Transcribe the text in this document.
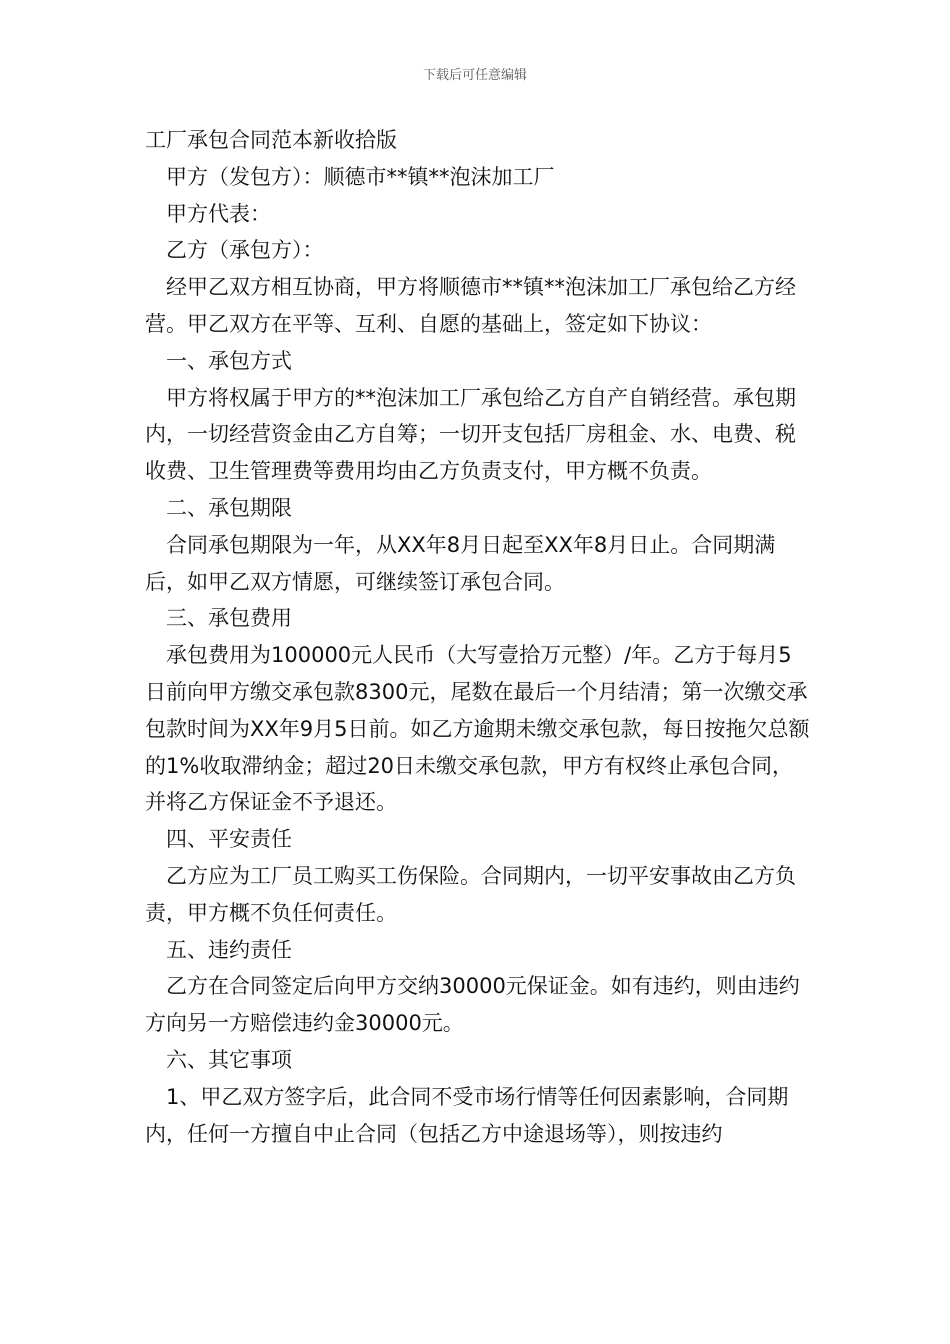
下载后可任意编辑

工厂承包合同范本新收拾版

甲方（发包方）：顺德市**镇**泡沫加工厂

甲方代表：

乙方（承包方）：

经甲乙双方相互协商，甲方将顺德市**镇**泡沫加工厂承包给乙方经营。甲乙双方在平等、互利、自愿的基础上，签定如下协议：

一、承包方式

甲方将权属于甲方的**泡沫加工厂承包给乙方自产自销经营。承包期内，一切经营资金由乙方自筹；一切开支包括厂房租金、水、电费、税收费、卫生管理费等费用均由乙方负责支付，甲方概不负责。

二、承包期限

合同承包期限为一年，从XX年8月日起至XX年8月日止。合同期满后，如甲乙双方情愿，可继续签订承包合同。

三、承包费用

承包费用为100000元人民币（大写壹拾万元整）/年。乙方于每月5日前向甲方缴交承包款8300元，尾数在最后一个月结清；第一次缴交承包款时间为XX年9月5日前。如乙方逾期未缴交承包款，每日按拖欠总额的1%收取滞纳金；超过20日未缴交承包款，甲方有权终止承包合同，并将乙方保证金不予退还。

四、平安责任

乙方应为工厂员工购买工伤保险。合同期内，一切平安事故由乙方负责，甲方概不负任何责任。

五、违约责任

乙方在合同签定后向甲方交纳30000元保证金。如有违约，则由违约方向另一方赔偿违约金30000元。

六、其它事项

1、甲乙双方签字后，此合同不受市场行情等任何因素影响，合同期内，任何一方擅自中止合同（包括乙方中途退场等），则按违约
